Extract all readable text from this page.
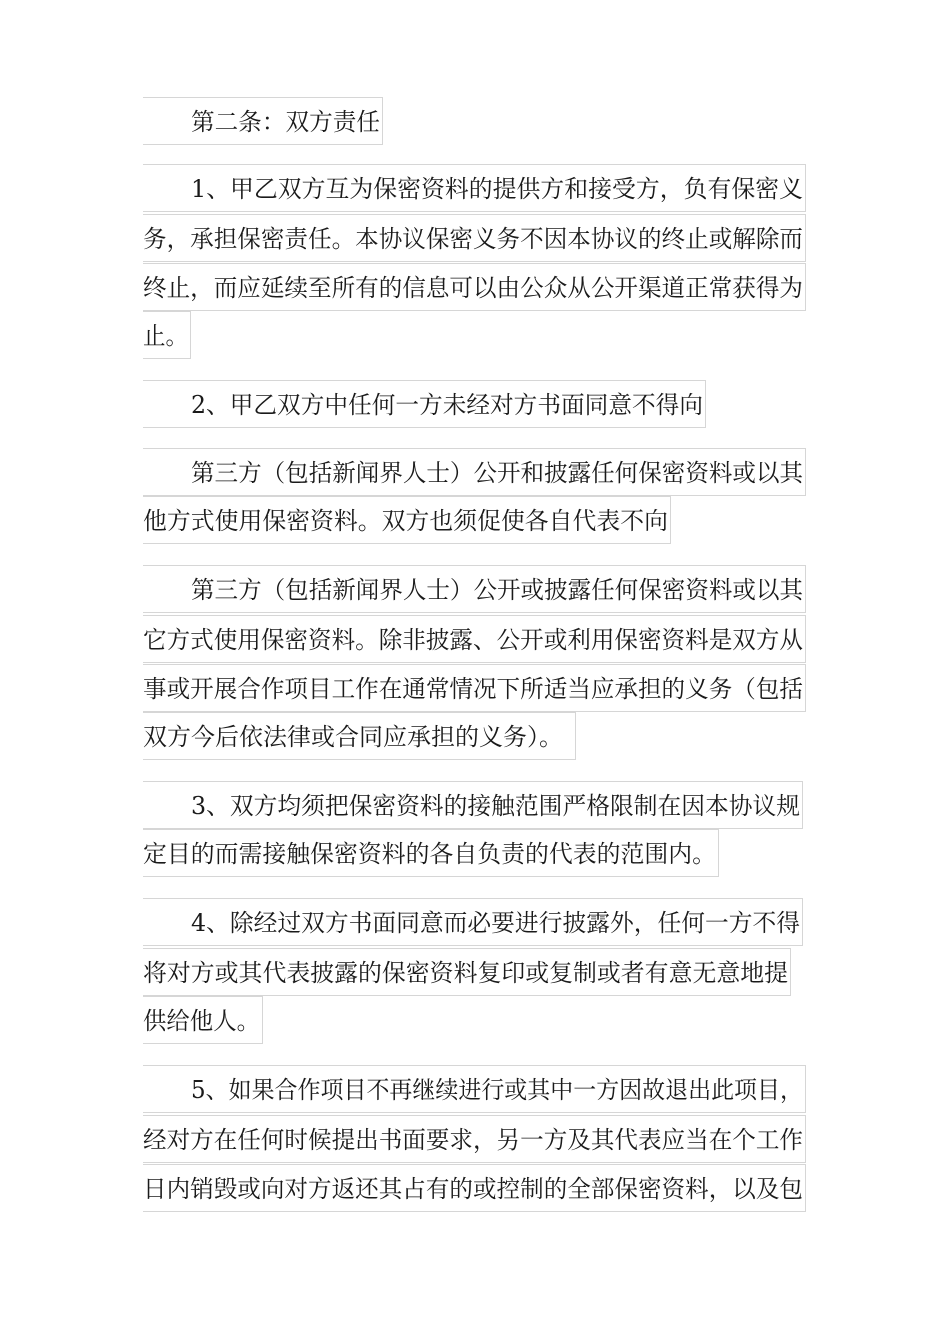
第二条：双方责任
1、甲乙双方互为保密资料的提供方和接受方，负有保密义
务，承担保密责任。本协议保密义务不因本协议的终止或解除而
终止，而应延续至所有的信息可以由公众从公开渠道正常获得为
止。
2、甲乙双方中任何一方未经对方书面同意不得向
第三方（包括新闻界人士）公开和披露任何保密资料或以其
他方式使用保密资料。双方也须促使各自代表不向
第三方（包括新闻界人士）公开或披露任何保密资料或以其
它方式使用保密资料。除非披露、公开或利用保密资料是双方从
事或开展合作项目工作在通常情况下所适当应承担的义务（包括
双方今后依法律或合同应承担的义务）。
3、双方均须把保密资料的接触范围严格限制在因本协议规
定目的而需接触保密资料的各自负责的代表的范围内。
4、除经过双方书面同意而必要进行披露外，任何一方不得
将对方或其代表披露的保密资料复印或复制或者有意无意地提
供给他人。
5、如果合作项目不再继续进行或其中一方因故退出此项目，
经对方在任何时候提出书面要求，另一方及其代表应当在个工作
日内销毁或向对方返还其占有的或控制的全部保密资料，以及包
